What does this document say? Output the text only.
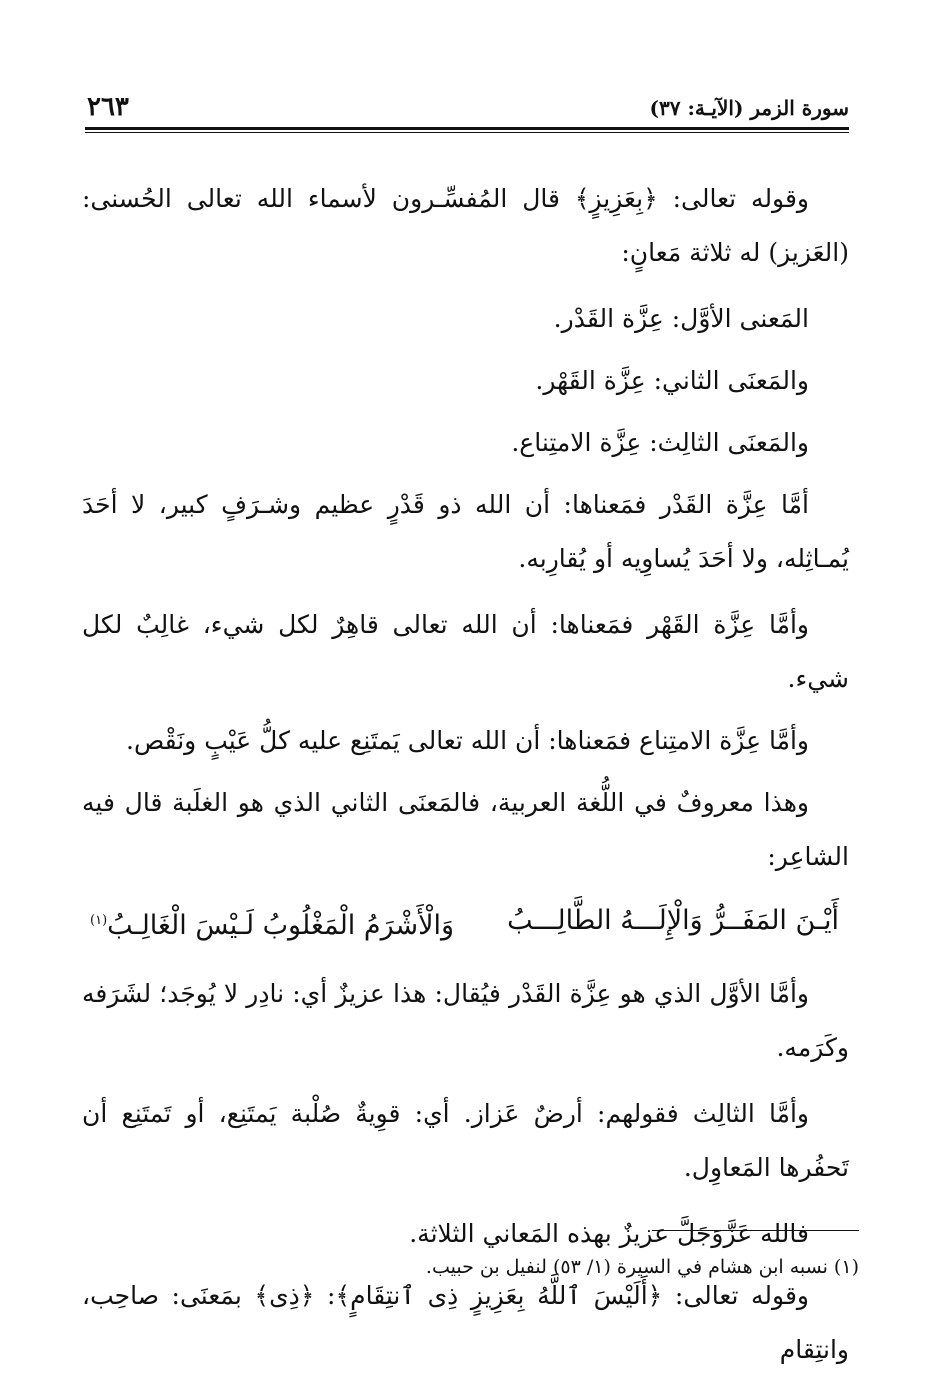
٢٦٣	سورة الزمر (الآيـة: ٣٧)

وقوله تعالى: ﴿بِعَزِيزٍ﴾ قال المُفسِّـرون لأسماء الله تعالى الحُسنى: (العَزيز) له ثلاثة مَعانٍ:

المَعنى الأوَّل: عِزَّة القَدْر.

والمَعنَى الثاني: عِزَّة القَهْر.

والمَعنَى الثالِث: عِزَّة الامتِناع.

أمَّا عِزَّة القَدْر فمَعناها: أن الله ذو قَدْرٍ عظيم وشـرَفٍ كبير، لا أحَدَ يُمـاثِله، ولا أحَدَ يُساوِيه أو يُقارِبه.

وأمَّا عِزَّة القَهْر فمَعناها: أن الله تعالى قاهِرٌ لكل شيء، غالِبٌ لكل شيء.

وأمَّا عِزَّة الامتِناع فمَعناها: أن الله تعالى يَمتَنِع عليه كلُّ عَيْبٍ ونَقْص.

وهذا معروفٌ في اللُّغة العربية، فالمَعنَى الثاني الذي هو الغلَبة قال فيه الشاعِر:

أَيْـنَ المَفَــرُّ وَالْإِلَـــهُ الطَّالِـــبُ
وَالْأَشْرَمُ الْمَغْلُوبُ لَـيْسَ الْغَالِـبُ$^{(١)}$

وأمَّا الأوَّل الذي هو عِزَّة القَدْر فيُقال: هذا عزيزٌ أي: نادِر لا يُوجَد؛ لشَرَفه وكَرَمه.

وأمَّا الثالِث فقولهم: أرضٌ عَزاز. أي: قوِيةٌ صُلْبة يَمتَنِع، أو تَمتَنِع أن تَحفُرها المَعاوِل.

فالله عَزَّوَجَلَّ عزيزٌ بهذه المَعاني الثلاثة.

وقوله تعالى: ﴿أَلَيْسَ ٱللَّهُ بِعَزِيزٍ ذِى ٱنتِقَامٍ﴾: ﴿ذِى﴾ بمَعنَى: صاحِب، وانتِقام

(١) نسبه ابن هشام في السيرة (١/ ٥٣) لنفيل بن حبيب.
